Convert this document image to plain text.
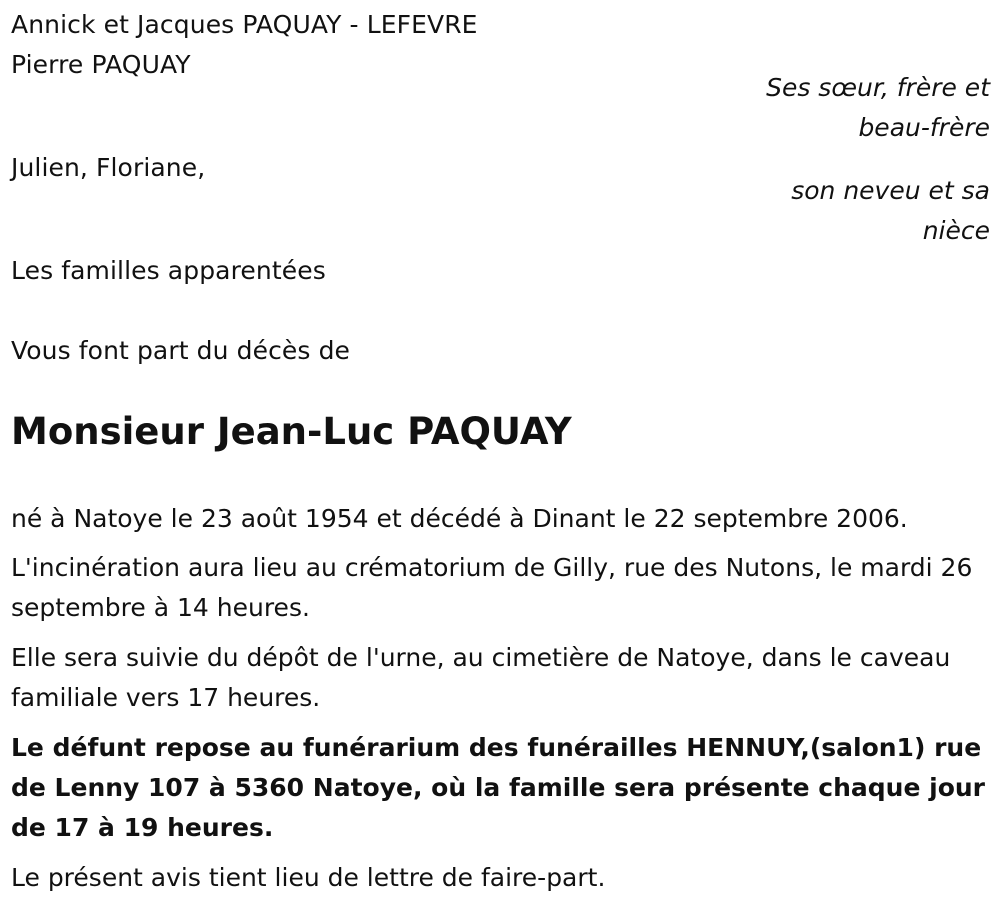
Annick et Jacques PAQUAY - LEFEVRE
Pierre PAQUAY
Ses sœur, frère et
beau-frère
Julien, Floriane,
son neveu et sa
nièce
Les familles apparentées
Vous font part du décès de
Monsieur Jean-Luc PAQUAY

né à Natoye le 23 août 1954 et décédé à Dinant le 22 septembre 2006.

L'incinération aura lieu au crématorium de Gilly, rue des Nutons, le mardi 26 septembre à 14 heures.

Elle sera suivie du dépôt de l'urne, au cimetière de Natoye, dans le caveau familiale vers 17 heures.

Le défunt repose au funérarium des funérailles HENNUY,(salon1) rue de Lenny 107 à 5360 Natoye, où la famille sera présente chaque jour de 17 à 19 heures.

Le présent avis tient lieu de lettre de faire-part.
